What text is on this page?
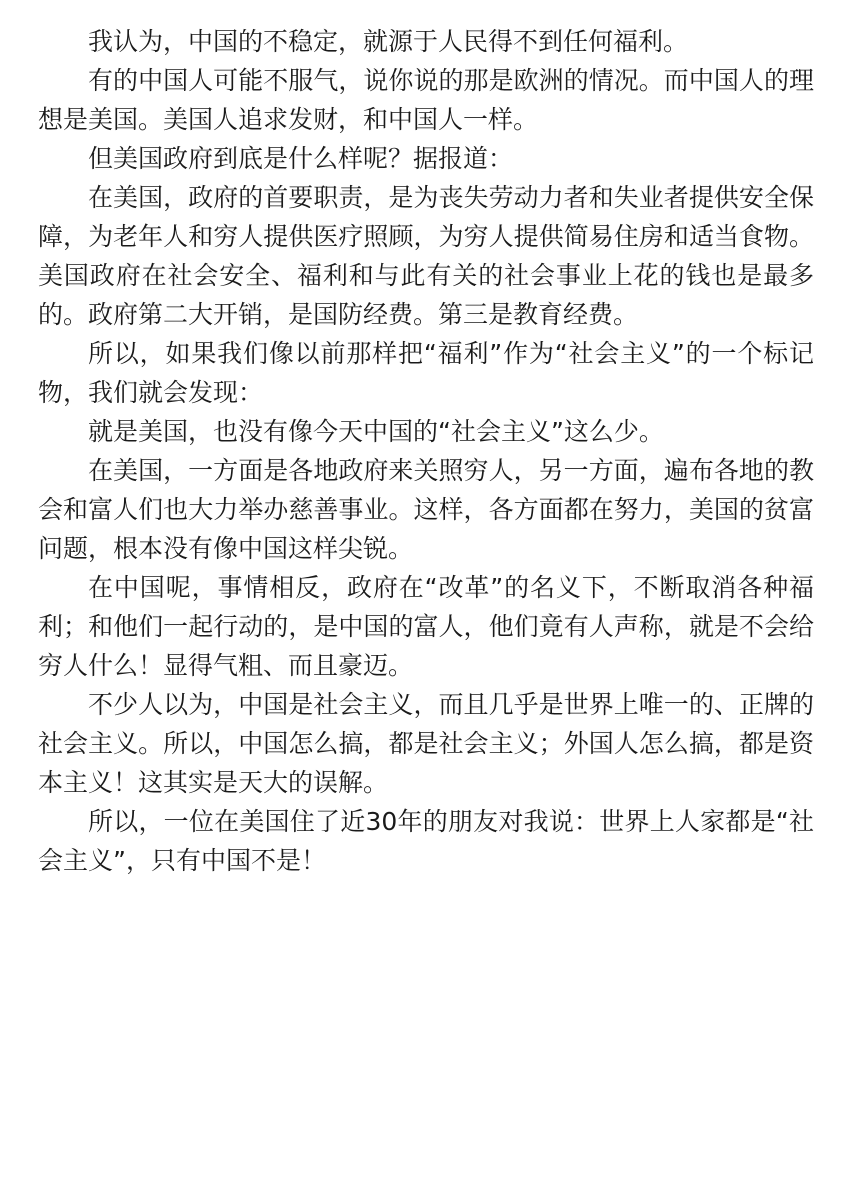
我认为，中国的不稳定，就源于人民得不到任何福利。

有的中国人可能不服气，说你说的那是欧洲的情况。而中国人的理想是美国。美国人追求发财，和中国人一样。

但美国政府到底是什么样呢？据报道：

在美国，政府的首要职责，是为丧失劳动力者和失业者提供安全保障，为老年人和穷人提供医疗照顾，为穷人提供简易住房和适当食物。美国政府在社会安全、福利和与此有关的社会事业上花的钱也是最多的。政府第二大开销，是国防经费。第三是教育经费。

所以，如果我们像以前那样把“福利”作为“社会主义”的一个标记物，我们就会发现：

就是美国，也没有像今天中国的“社会主义”这么少。

在美国，一方面是各地政府来关照穷人，另一方面，遍布各地的教会和富人们也大力举办慈善事业。这样，各方面都在努力，美国的贫富问题，根本没有像中国这样尖锐。

在中国呢，事情相反，政府在“改革”的名义下，不断取消各种福利；和他们一起行动的，是中国的富人，他们竟有人声称，就是不会给穷人什么！显得气粗、而且豪迈。

不少人以为，中国是社会主义，而且几乎是世界上唯一的、正牌的社会主义。所以，中国怎么搞，都是社会主义；外国人怎么搞，都是资本主义！这其实是天大的误解。

所以，一位在美国住了近30年的朋友对我说：世界上人家都是“社会主义”，只有中国不是！
